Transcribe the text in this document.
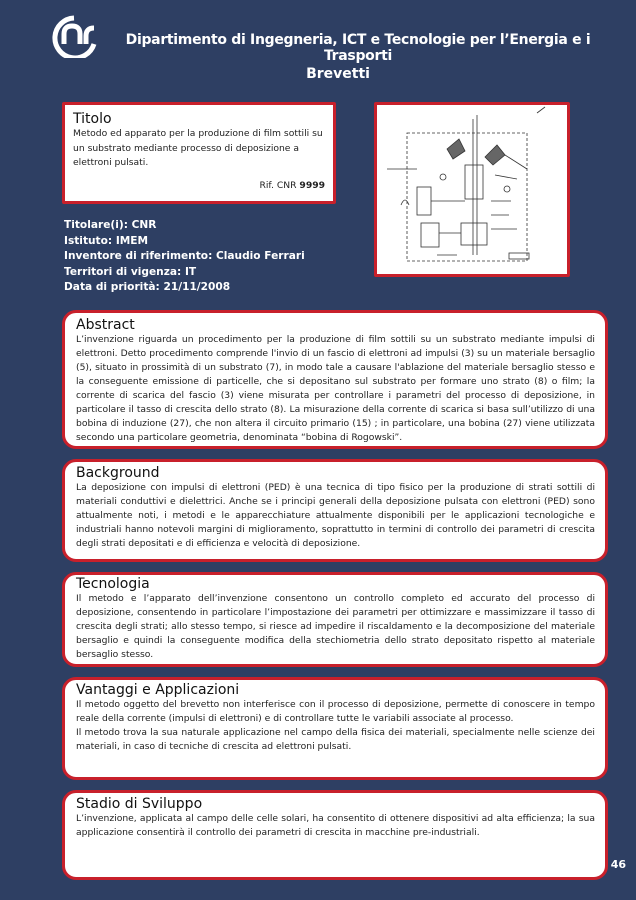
Dipartimento di Ingegneria, ICT e Tecnologie per l’Energia e i Trasporti
Brevetti
Titolo

Metodo ed apparato per la produzione di film sottili su un substrato mediante processo di deposizione a elettroni pulsati.

Rif. CNR 9999
Titolare(i): CNR
Istituto: IMEM
Inventore di riferimento: Claudio Ferrari
Territori di vigenza: IT
Data di priorità: 21/11/2008
Abstract

L’invenzione riguarda un procedimento per la produzione di film sottili su un substrato mediante impulsi di elettroni. Detto procedimento comprende l'invio di un fascio di elettroni ad impulsi (3) su un materiale bersaglio (5), situato in prossimità di un substrato (7), in modo tale a causare l'ablazione del materiale bersaglio stesso e la conseguente emissione di particelle, che si depositano sul substrato per formare uno strato (8) o film; la corrente di scarica del fascio (3) viene misurata per controllare i parametri del processo di deposizione, in particolare il tasso di crescita dello strato (8). La misurazione della corrente di scarica si basa sull’utilizzo di una bobina di induzione (27), che non altera il circuito primario (15) ; in particolare, una bobina (27) viene utilizzata secondo una particolare geometria, denominata “bobina di Rogowski”.

Background

La deposizione con impulsi di elettroni (PED) è una tecnica di tipo fisico per la produzione di strati sottili di materiali conduttivi e dielettrici. Anche se i principi generali della deposizione pulsata con elettroni (PED) sono attualmente noti, i metodi e le apparecchiature attualmente disponibili per le applicazioni tecnologiche e industriali hanno notevoli margini di miglioramento, soprattutto in termini di controllo dei parametri di crescita degli strati depositati e di efficienza e velocità di deposizione.

Tecnologia

Il metodo e l’apparato dell’invenzione consentono un controllo completo ed accurato del processo di deposizione, consentendo in particolare l’impostazione dei parametri per ottimizzare e massimizzare il tasso di crescita degli strati; allo stesso tempo, si riesce ad impedire il riscaldamento e la decomposizione del materiale bersaglio e quindi la conseguente modifica della stechiometria dello strato depositato rispetto al materiale bersaglio stesso.

Vantaggi e Applicazioni

Il metodo oggetto del brevetto non interferisce con il processo di deposizione, permette di conoscere in tempo reale della corrente (impulsi di elettroni) e di controllare tutte le variabili associate al processo.

Il metodo trova la sua naturale applicazione nel campo della fisica dei materiali, specialmente nelle scienze dei materiali, in caso di tecniche di crescita ad elettroni pulsati.

Stadio di Sviluppo

L’invenzione, applicata al campo delle celle solari, ha consentito di ottenere dispositivi ad alta efficienza; la sua applicazione consentirà il controllo dei parametri di crescita in macchine pre-industriali.

46
